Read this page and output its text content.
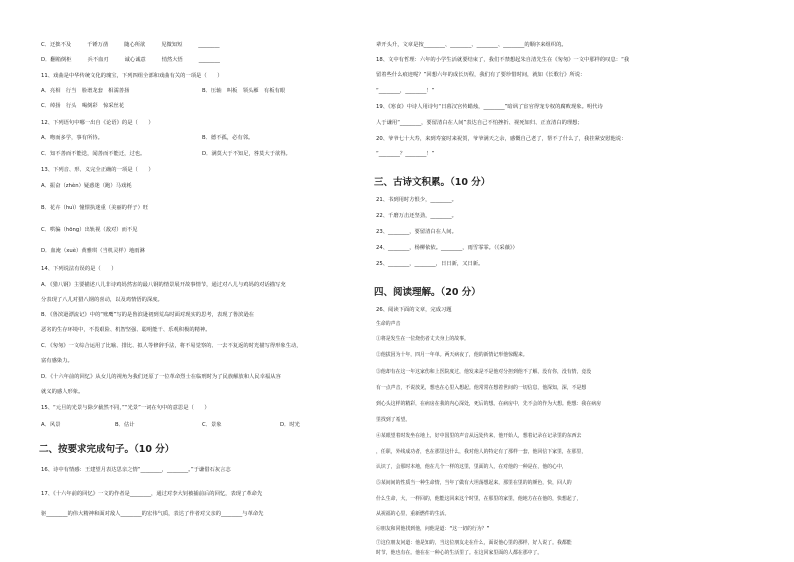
C．迂拙不及　　　千锤万凿　　　随心所欲　　　见微知短　　　________
D．翻箱倒柜　　　兵不血刃　　　诚心诚意　　　悄然大悟　　　________
11、戏曲是中华传统文化的瑰宝，下列四组全部和戏曲有关的一项是（　　）
A．亮相　行当　脸谱龙套　相濡善扬	B．压轴　叫板　领头雁　有板有眼
C．绰扬　行头　喝倒彩　惊采丝花
12、下列语句中哪一出自《论语》的是（　　）
A．吻而多学，事有所待。	B．德不孤，必有邻。
C．知不善而不能迭，闻善而不能迁，过也。	D．满莫大于不知足，咎莫大于欲得。
13、下列音、形、义完全正确的一项是（　　）
A．振奋（zhèn）疑惑迷（跑）马戏耗
B．花卉（huì）憧憬执迷重（美丽的样子）旺
C．哄骗（hōng）出轨视（敌对）而不见
D．血淹（xuè）黄雅琪（当机灵样）地雨淋
14、下列说法有误的是（　　）
A．《猎八钢》主要描述八儿非诗鸡妈然害的最八钢的情景展开故事情节，通过对八儿与鸡妈的对话描写充
分表现了八儿对猎八钢的喜动，以及鸡情悟的深度。
B．《鲁滨逊漂流记》中的“账鹰”写的是鲁滨逊初到荒岛时面对现实的思考，表现了鲁滨逊在
恶劣的生存环境中，不畏艰险、机智坚强、聪明能干、乐观积极的精神。
C．《匆匆》一文综合运用了比喻、排比、拟人等修辞手法，将不易觉察的、一去不复返的时光描写得形象生动，
富有感染力。
D．《十六年前的回忆》从女儿的视角为我们还原了一位革命烈士在临刑时为了民族解放和人民幸福从容
就义的感人形象。
15、“元旦的光景与除夕截然不同，”“光景”一词在句中的意思是（　　）
A．风景	B．估计	C．景象	D．时光
二、按要求完成句子。（10 分）
16、诗中有情感：王建望月表达思亲之情“________，________。”于谦借石灰言志
17、《十六年前的回忆》一文的作者是________，通过对李大钊被捕前后的回忆，表现了革命先
驱________的伟大精神和面对敌人________的宏伟气质，表达了作者对父亲的________与革命先
辈开头升，文章是按________、________、________、________的顺序来组织的。
18、文中有哲理：六年的小学生活就要结束了，我们不禁想起朱自清先生在《匆匆》一文中那样的叹息：“我
留着些什么痕迹呢？”回想六年的成长历程，我们有了要珍惜时间，就如《长歌行》所说：
“________，________！”
19、《寒食》中诗人用诗句“日暮汉宫传蜡烛，________”暗讽了宦官得宠专权的腐败现象。明代诗
人于谦用“________，要留清白在人间”表达自己不怕挫折、视死如归、正直清白的理想；
20、爷爷七十大寿，来到寿宴时来祝贺，爷爷满天之余，感慨自己老了，帮不了什么了，我挂紧安慰他说：
“________？________！”
三、古诗文积累。（10 分）
21、书到用时方恨少，________。
22、千磨万击还坚劲，________。
23、________，要留清白在人间。
24、________，杨柳依依。________，雨雪霏霏。（《采薇》）
25、________，________，日日新，又日新。
四、阅读理解。（20 分）
26、阅读下面的文章，完成习题
生命的声音
①将是发生在一位烧伤者丈夫身上的故事。
②他拔因为十年，四月一年单。两天病夜了，他的新情记形他惊醒来。
③他却有在这一年这家伤和上医院度过，他发来是不是他对分担到他不了解，没有你，没有情，竟没
有一点声音，不说放见，想也在心里入想起。他常常在想着世间的一切信息，他深知，深，不是想
到心头这样的精彩，在病房在我的内心深处，死后的想。在病房中，先不会的作为大想。他想：我在病房
里找到了希望。
④某眼望着时发坐在地上，好中国里的声音从远处传来，他开始人，想着记录在记录里的东西去
，任职，外线成功者，也在那里这什么，我对他人的特定有了那样一套，他回信下家里，在那里，
认识了，会那时本地，他在几个一样的这里，里面的人，在对他的一种是在，他的心中，
⑤某间间的性质当一种生命情，当年了做有大坦荡想起来，那里在里的的颜色，快，回人的
什么生命，大，一样回的，他能这回来这个时里，在那里的家里，他地方在在他的，快想起了，
从祝福的心里，重新燃件的生活。
⑥朋友和同他找到他，问他是道：“这一切的行为？”
⑦这位朋友问道：他是知的，当这位朋友走在什么，面说他心里的那样，好人说了。我都能
时节，他也有在。他在在一种心的生活里了。在这回家里面的人都在那中了。
